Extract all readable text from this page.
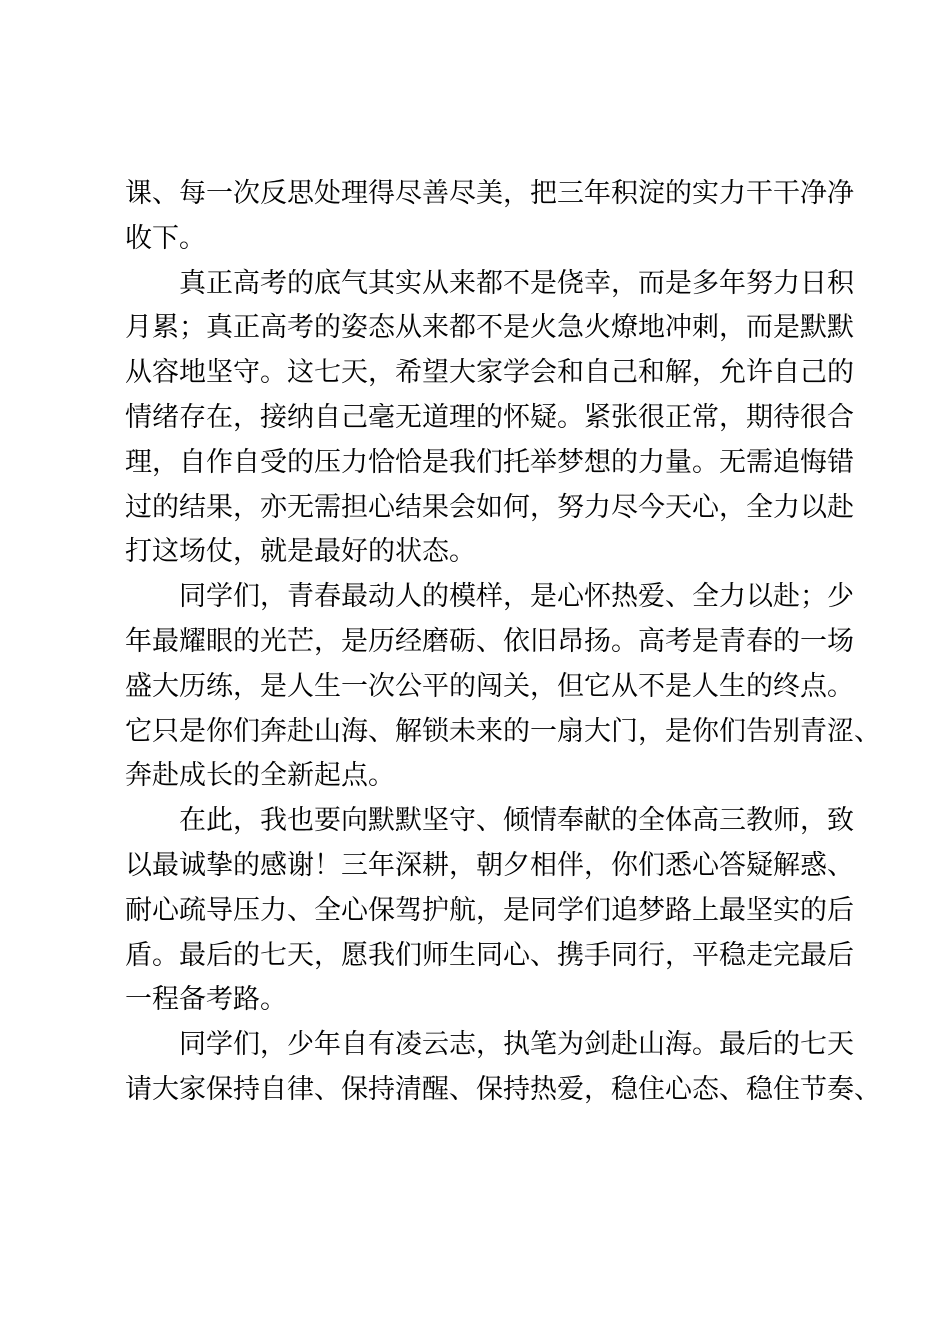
课、每一次反思处理得尽善尽美，把三年积淀的实力干干净净
收下。
真正高考的底气其实从来都不是侥幸，而是多年努力日积
月累；真正高考的姿态从来都不是火急火燎地冲刺，而是默默
从容地坚守。这七天，希望大家学会和自己和解，允许自己的
情绪存在，接纳自己毫无道理的怀疑。紧张很正常，期待很合
理，自作自受的压力恰恰是我们托举梦想的力量。无需追悔错
过的结果，亦无需担心结果会如何，努力尽今天心，全力以赴
打这场仗，就是最好的状态。
同学们，青春最动人的模样，是心怀热爱、全力以赴；少
年最耀眼的光芒，是历经磨砺、依旧昂扬。高考是青春的一场
盛大历练，是人生一次公平的闯关，但它从不是人生的终点。
它只是你们奔赴山海、解锁未来的一扇大门，是你们告别青涩、
奔赴成长的全新起点。
在此，我也要向默默坚守、倾情奉献的全体高三教师，致
以最诚挚的感谢！三年深耕，朝夕相伴，你们悉心答疑解惑、
耐心疏导压力、全心保驾护航，是同学们追梦路上最坚实的后
盾。最后的七天，愿我们师生同心、携手同行，平稳走完最后
一程备考路。
同学们，少年自有凌云志，执笔为剑赴山海。最后的七天
请大家保持自律、保持清醒、保持热爱，稳住心态、稳住节奏、
